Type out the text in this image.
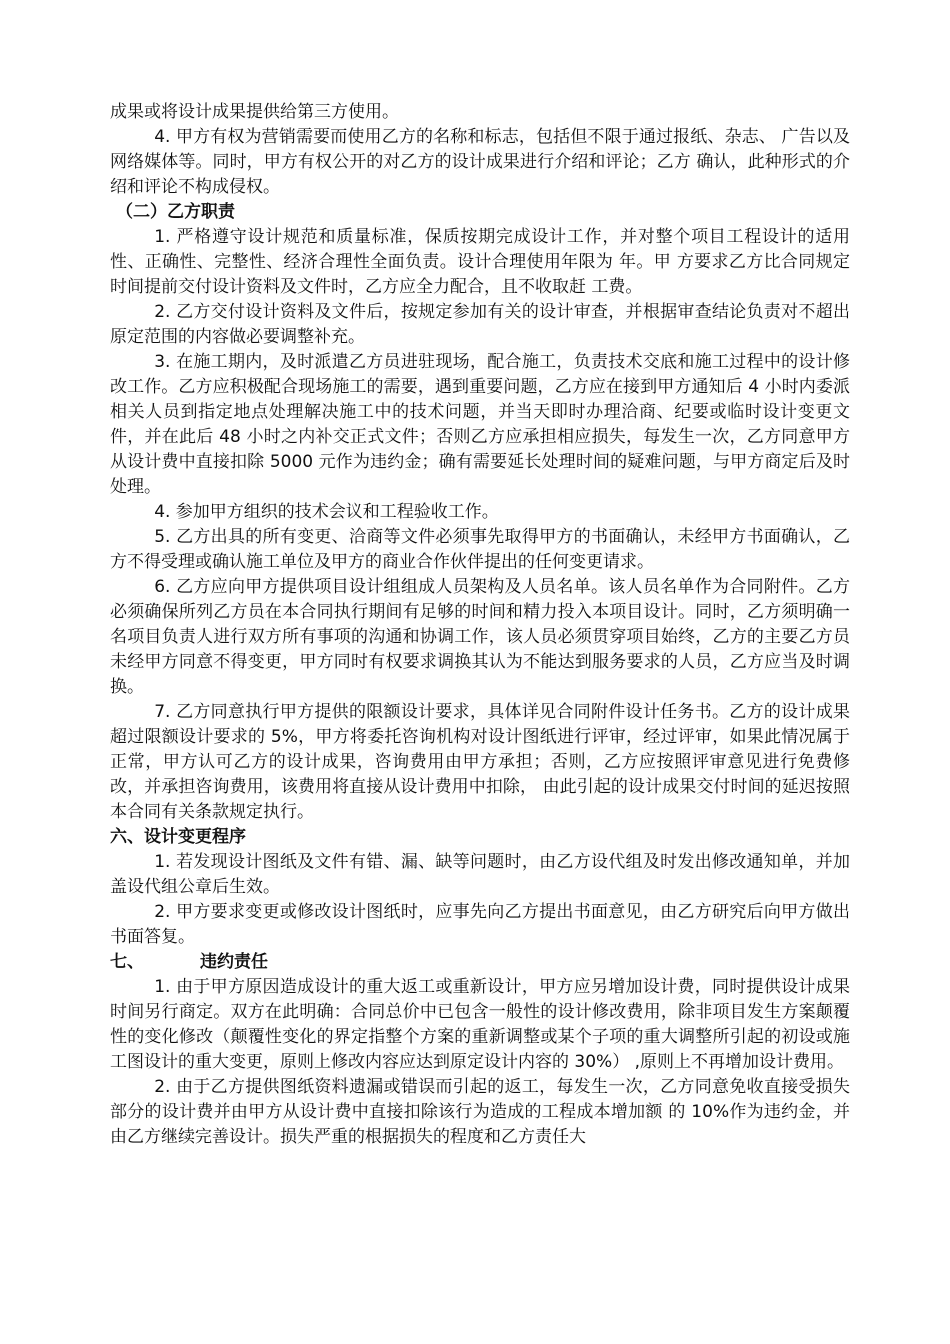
成果或将设计成果提供给第三方使用。

4. 甲方有权为营销需要而使用乙方的名称和标志，包括但不限于通过报纸、杂志、 广告以及网络媒体等。同时，甲方有权公开的对乙方的设计成果进行介绍和评论；乙方 确认，此种形式的介绍和评论不构成侵权。

（二）乙方职责

1. 严格遵守设计规范和质量标准，保质按期完成设计工作，并对整个项目工程设计的适用性、正确性、完整性、经济合理性全面负责。设计合理使用年限为 年。甲 方要求乙方比合同规定时间提前交付设计资料及文件时，乙方应全力配合，且不收取赶 工费。

2. 乙方交付设计资料及文件后，按规定参加有关的设计审查，并根据审查结论负责对不超出原定范围的内容做必要调整补充。

3. 在施工期内，及时派遣乙方员进驻现场，配合施工，负责技术交底和施工过程中的设计修改工作。乙方应积极配合现场施工的需要，遇到重要问题，乙方应在接到甲方通知后 4 小时内委派相关人员到指定地点处理解决施工中的技术问题，并当天即时办理洽商、纪要或临时设计变更文件，并在此后 48 小时之内补交正式文件；否则乙方应承担相应损失，每发生一次，乙方同意甲方从设计费中直接扣除 5000 元作为违约金；确有需要延长处理时间的疑难问题，与甲方商定后及时处理。

4. 参加甲方组织的技术会议和工程验收工作。

5. 乙方出具的所有变更、洽商等文件必须事先取得甲方的书面确认，未经甲方书面确认，乙方不得受理或确认施工单位及甲方的商业合作伙伴提出的任何变更请求。

6. 乙方应向甲方提供项目设计组组成人员架构及人员名单。该人员名单作为合同附件。乙方必须确保所列乙方员在本合同执行期间有足够的时间和精力投入本项目设计。同时，乙方须明确一名项目负责人进行双方所有事项的沟通和协调工作，该人员必须贯穿项目始终，乙方的主要乙方员未经甲方同意不得变更，甲方同时有权要求调换其认为不能达到服务要求的人员，乙方应当及时调换。

7. 乙方同意执行甲方提供的限额设计要求，具体详见合同附件设计任务书。乙方的设计成果超过限额设计要求的 5%，甲方将委托咨询机构对设计图纸进行评审，经过评审，如果此情况属于正常，甲方认可乙方的设计成果，咨询费用由甲方承担；否则，乙方应按照评审意见进行免费修改，并承担咨询费用，该费用将直接从设计费用中扣除， 由此引起的设计成果交付时间的延迟按照本合同有关条款规定执行。

六、设计变更程序

1. 若发现设计图纸及文件有错、漏、缺等问题时，由乙方设代组及时发出修改通知单，并加盖设代组公章后生效。

2. 甲方要求变更或修改设计图纸时，应事先向乙方提出书面意见，由乙方研究后向甲方做出书面答复。

七、	违约责任

1. 由于甲方原因造成设计的重大返工或重新设计，甲方应另增加设计费，同时提供设计成果时间另行商定。双方在此明确：合同总价中已包含一般性的设计修改费用，除非项目发生方案颠覆性的变化修改（颠覆性变化的界定指整个方案的重新调整或某个子项的重大调整所引起的初设或施工图设计的重大变更，原则上修改内容应达到原定设计内容的 30%） ,原则上不再增加设计费用。

2. 由于乙方提供图纸资料遗漏或错误而引起的返工，每发生一次，乙方同意免收直接受损失部分的设计费并由甲方从设计费中直接扣除该行为造成的工程成本增加额 的 10%作为违约金，并由乙方继续完善设计。损失严重的根据损失的程度和乙方责任大
